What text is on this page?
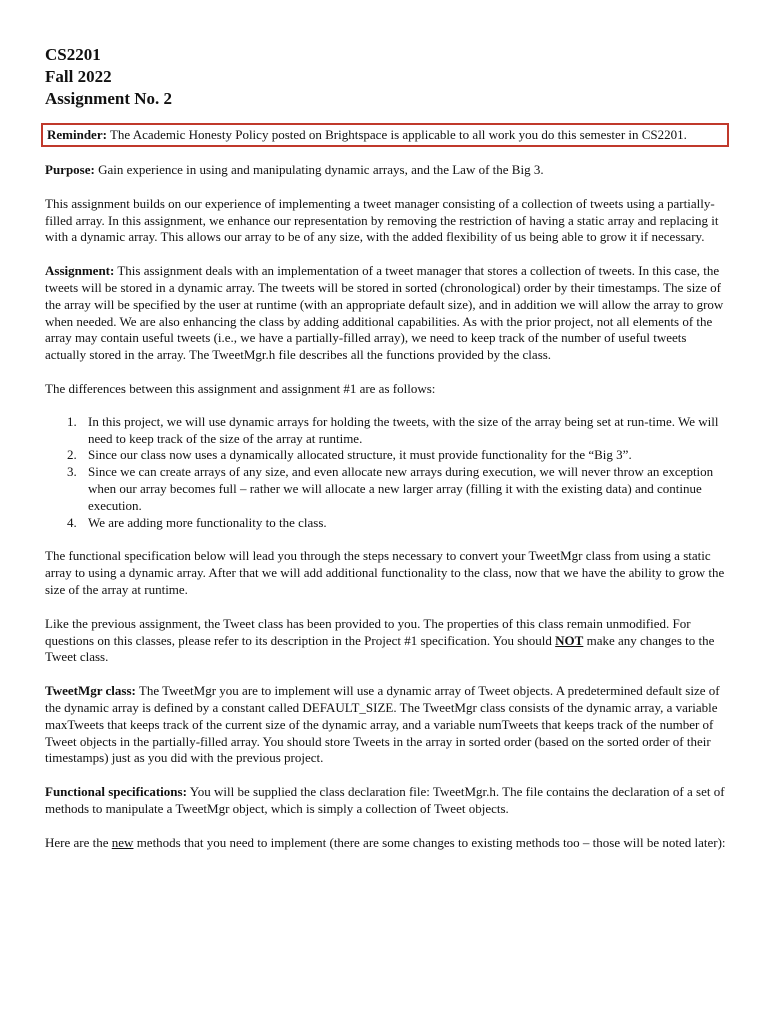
CS2201
Fall 2022
Assignment No. 2
Reminder: The Academic Honesty Policy posted on Brightspace is applicable to all work you do this semester in CS2201.

Purpose: Gain experience in using and manipulating dynamic arrays, and the Law of the Big 3.

This assignment builds on our experience of implementing a tweet manager consisting of a collection of tweets using a partially-filled array. In this assignment, we enhance our representation by removing the restriction of having a static array and replacing it with a dynamic array. This allows our array to be of any size, with the added flexibility of us being able to grow it if necessary.

Assignment: This assignment deals with an implementation of a tweet manager that stores a collection of tweets. In this case, the tweets will be stored in a dynamic array. The tweets will be stored in sorted (chronological) order by their timestamps. The size of the array will be specified by the user at runtime (with an appropriate default size), and in addition we will allow the array to grow when needed. We are also enhancing the class by adding additional capabilities. As with the prior project, not all elements of the array may contain useful tweets (i.e., we have a partially-filled array), we need to keep track of the number of useful tweets actually stored in the array. The TweetMgr.h file describes all the functions provided by the class.

The differences between this assignment and assignment #1 are as follows:

1. In this project, we will use dynamic arrays for holding the tweets, with the size of the array being set at run-time. We will need to keep track of the size of the array at runtime.
2. Since our class now uses a dynamically allocated structure, it must provide functionality for the “Big 3”.
3. Since we can create arrays of any size, and even allocate new arrays during execution, we will never throw an exception when our array becomes full – rather we will allocate a new larger array (filling it with the existing data) and continue execution.
4. We are adding more functionality to the class.

The functional specification below will lead you through the steps necessary to convert your TweetMgr class from using a static array to using a dynamic array. After that we will add additional functionality to the class, now that we have the ability to grow the size of the array at runtime.

Like the previous assignment, the Tweet class has been provided to you. The properties of this class remain unmodified. For questions on this classes, please refer to its description in the Project #1 specification. You should NOT make any changes to the Tweet class.

TweetMgr class: The TweetMgr you are to implement will use a dynamic array of Tweet objects. A predetermined default size of the dynamic array is defined by a constant called DEFAULT_SIZE. The TweetMgr class consists of the dynamic array, a variable maxTweets that keeps track of the current size of the dynamic array, and a variable numTweets that keeps track of the number of Tweet objects in the partially-filled array. You should store Tweets in the array in sorted order (based on the sorted order of their timestamps) just as you did with the previous project.

Functional specifications: You will be supplied the class declaration file: TweetMgr.h. The file contains the declaration of a set of methods to manipulate a TweetMgr object, which is simply a collection of Tweet objects.

Here are the new methods that you need to implement (there are some changes to existing methods too – those will be noted later):
